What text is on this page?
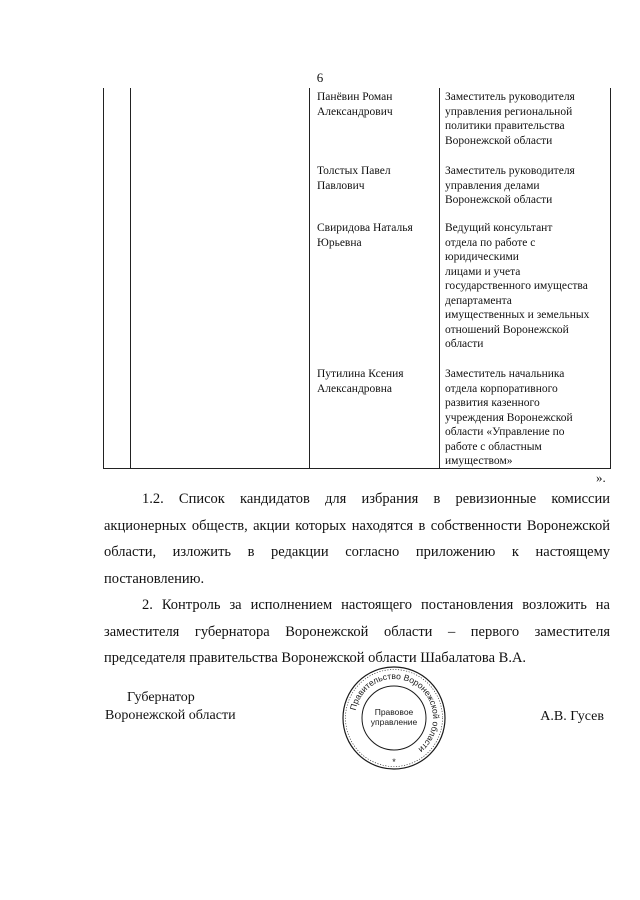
6
Панёвин Роман
Александрович
Заместитель руководителя
управления региональной
политики правительства
Воронежской области
Толстых Павел
Павлович
Заместитель руководителя
управления делами
Воронежской области
Свиридова Наталья
Юрьевна
Ведущий консультант
отдела по работе с
юридическими
лицами и учета
государственного имущества
департамента
имущественных и земельных
отношений Воронежской
области
Путилина Ксения
Александровна
Заместитель начальника
отдела корпоративного
развития казенного
учреждения Воронежской
области «Управление по
работе с областным
имуществом»
».

1.2. Список кандидатов для избрания в ревизионные комиссии акционерных обществ, акции которых находятся в собственности Воронежской области, изложить в редакции согласно приложению к настоящему постановлению.

2. Контроль за исполнением настоящего постановления возложить на заместителя губернатора Воронежской области – первого заместителя председателя правительства Воронежской области Шабалатова В.А.

Губернатор
Воронежской области	А.В. Гусев
Правительство Воронежской области
Правовое
управление
*
